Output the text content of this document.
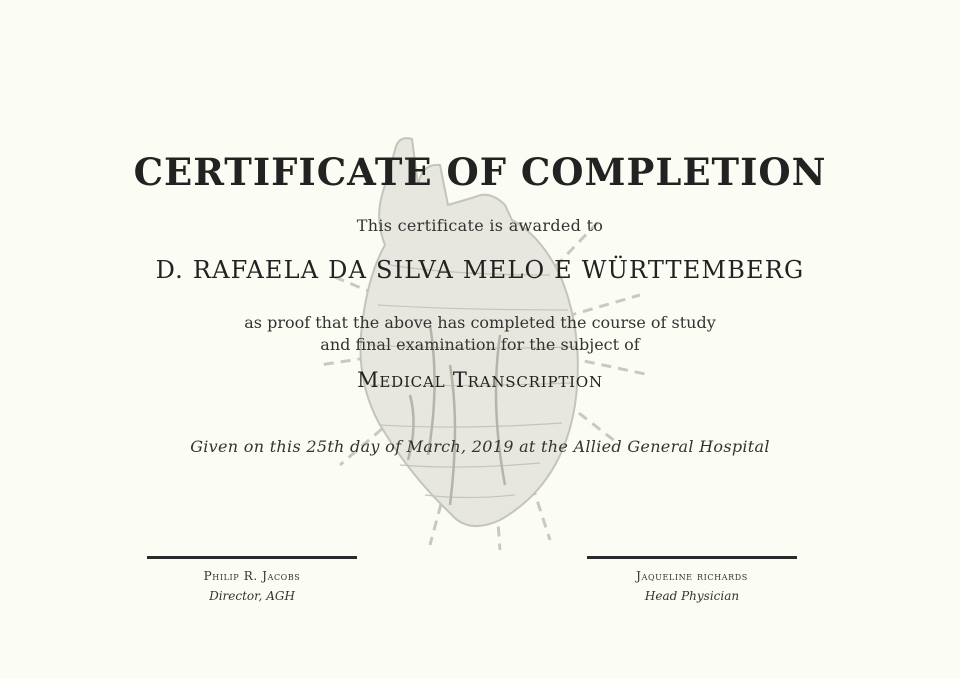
CERTIFICATE OF COMPLETION
This certificate is awarded to
D. RAFAELA DA SILVA MELO E WÜRTTEMBERG
as proof that the above has completed the course of study
and final examination for the subject of
Medical Transcription
Given on this 25th day of March, 2019 at the Allied General Hospital
Philip R. Jacobs
Director, AGH
Jaqueline richards
Head Physician
